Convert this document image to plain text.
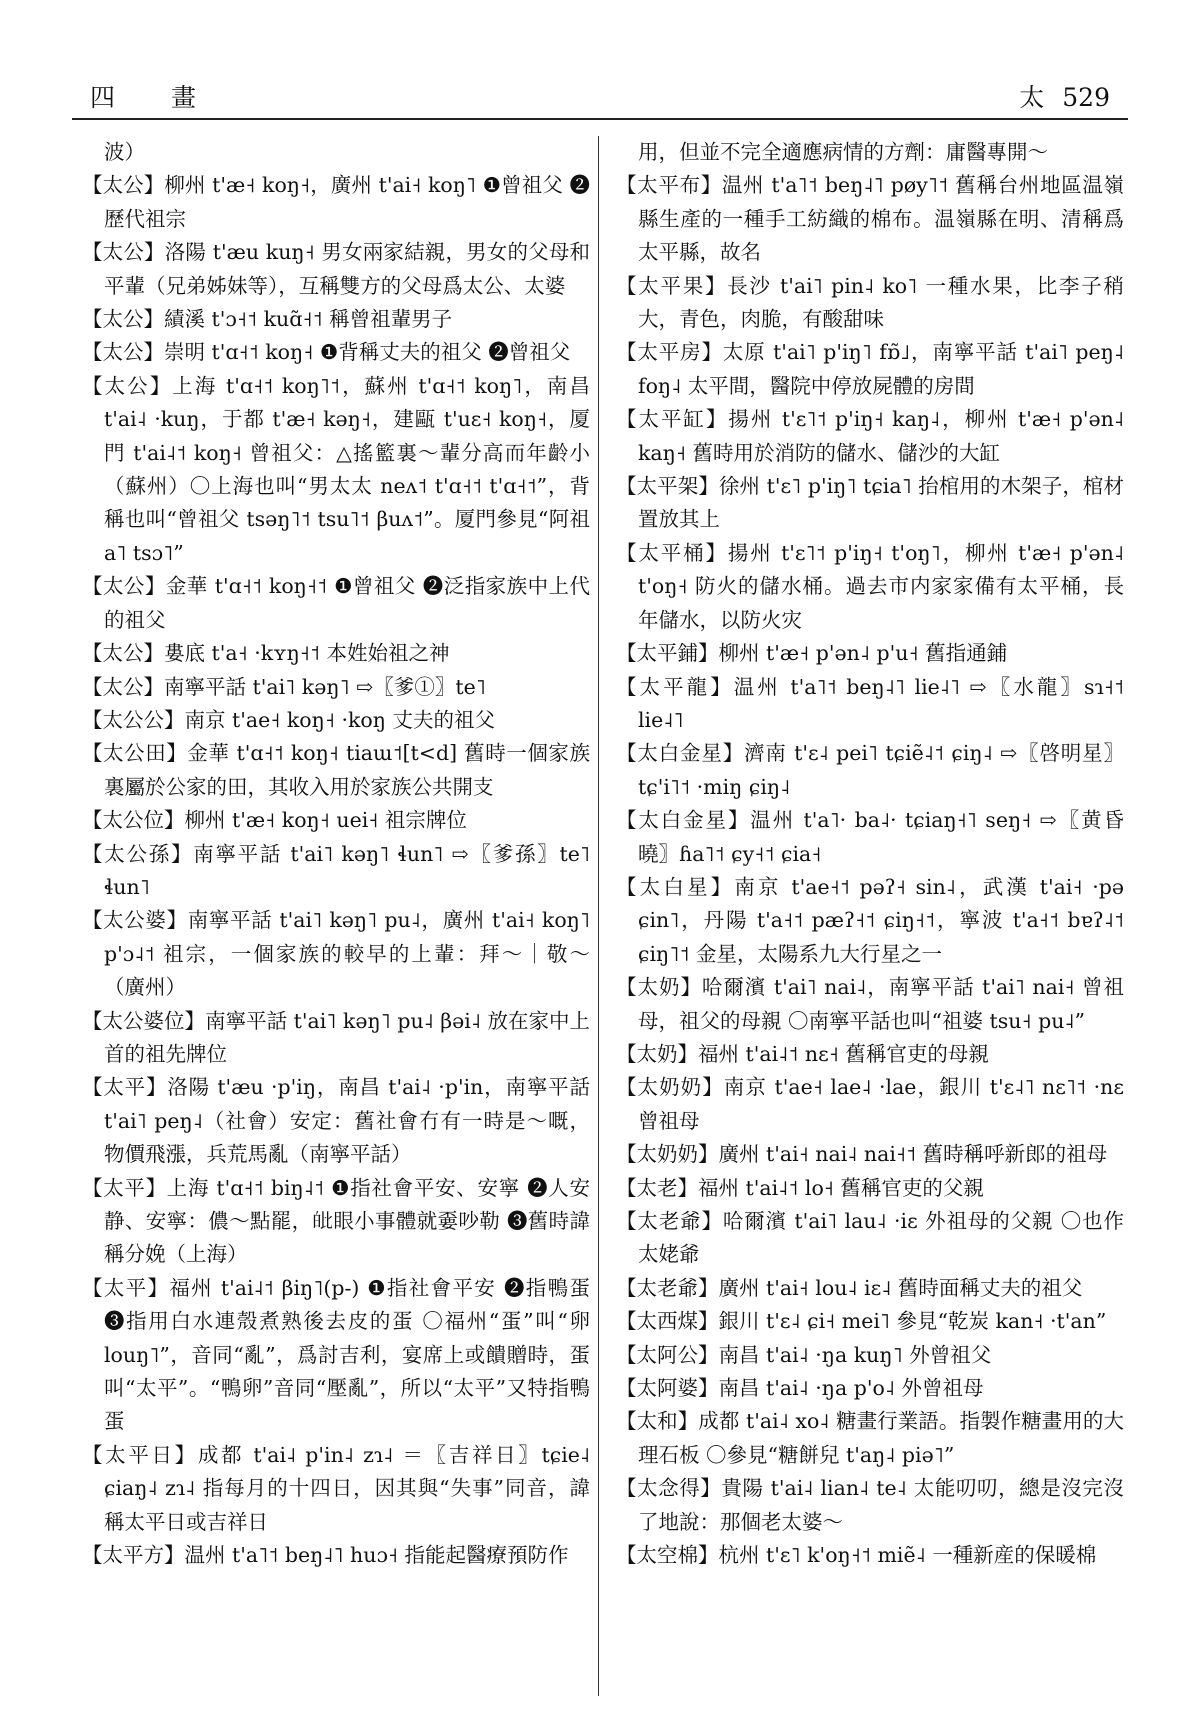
四 畫	太 529

波）

【太公】柳州 t'æ˧ koŋ˧，廣州 t'ai˧ koŋ˥ ❶曾祖父 ❷歷代祖宗

【太公】洛陽 t'æu kuŋ˧ 男女兩家結親，男女的父母和平輩（兄弟姊妹等），互稱雙方的父母爲太公、太婆

【太公】績溪 t'ɔ˧˦ kuɑ̃˧˦ 稱曾祖輩男子

【太公】崇明 t'ɑ˧˦ koŋ˧ ❶背稱丈夫的祖父 ❷曾祖父

【太公】上海 t'ɑ˧˦ koŋ˥˦，蘇州 t'ɑ˧˦ koŋ˥，南昌 t'ai˨ ·kuŋ，于都 t'æ˧ kəŋ˧，建甌 t'uɛ˧ koŋ˧，厦門 t'ai˨˦ koŋ˧ 曾祖父：△搖籃裏～輩分高而年齡小（蘇州）〇上海也叫“男太太 neʌ˦ t'ɑ˧˦ t'ɑ˧˦”，背稱也叫“曾祖父 tsəŋ˥˦ tsu˥˦ βuʌ˦”。厦門參見“阿祖 a˥ tsɔ˥”

【太公】金華 t'ɑ˧˦ koŋ˧˦ ❶曾祖父 ❷泛指家族中上代的祖父

【太公】婁底 t'a˧ ·kʏŋ˧˦ 本姓始祖之神

【太公】南寧平話 t'ai˥ kəŋ˥ ⇨〖爹①〗te˥

【太公公】南京 t'ae˧ koŋ˧ ·koŋ 丈夫的祖父

【太公田】金華 t'ɑ˧˦ koŋ˧ tiaɯ˦[t<d] 舊時一個家族裏屬於公家的田，其收入用於家族公共開支

【太公位】柳州 t'æ˧ koŋ˧ uei˧ 祖宗牌位

【太公孫】南寧平話 t'ai˥ kəŋ˥ ɬun˥ ⇨〖爹孫〗te˥ ɬun˥

【太公婆】南寧平話 t'ai˥ kəŋ˥ pu˨，廣州 t'ai˧ koŋ˥ p'ɔ˨˦ 祖宗，一個家族的較早的上輩：拜～｜敬～（廣州）

【太公婆位】南寧平話 t'ai˥ kəŋ˥ pu˨ βəi˨ 放在家中上首的祖先牌位

【太平】洛陽 t'æu ·p'iŋ，南昌 t'ai˨ ·p'in，南寧平話 t'ai˥ peŋ˨（社會）安定：舊社會冇有一時是～嘅，物價飛漲，兵荒馬亂（南寧平話）

【太平】上海 t'ɑ˧˦ biŋ˨˦ ❶指社會平安、安寧 ❷人安静、安寧：儂～點罷，𤽊眼小事體就嫑吵勒 ❸舊時諱稱分娩（上海）

【太平】福州 t'ai˨˦ βiŋ˥(p-) ❶指社會平安 ❷指鴨蛋 ❸指用白水連殼煮熟後去皮的蛋 〇福州“蛋”叫“卵 louŋ˥”，音同“亂”，爲討吉利，宴席上或饋贈時，蛋叫“太平”。“鴨卵”音同“壓亂”，所以“太平”又特指鴨蛋

【太平日】成都 t'ai˨ p'in˨ zɿ˨ ＝〖吉祥日〗tɕie˨ ɕiaŋ˨ zɿ˨ 指每月的十四日，因其與“失事”同音，諱稱太平日或吉祥日

【太平方】温州 t'a˥˦ beŋ˨˥ huɔ˧ 指能起醫療預防作

用，但並不完全適應病情的方劑：庸醫專開～

【太平布】温州 t'a˥˦ beŋ˨˥ pøy˥˦ 舊稱台州地區温嶺縣生產的一種手工紡織的棉布。温嶺縣在明、清稱爲太平縣，故名

【太平果】長沙 t'ai˥ pin˨ ko˥ 一種水果，比李子稍大，青色，肉脆，有酸甜味

【太平房】太原 t'ai˥ p'iŋ˥ fɒ̃˩，南寧平話 t'ai˥ peŋ˨ foŋ˨ 太平間，醫院中停放屍體的房間

【太平缸】揚州 t'ɛ˥˦ p'iŋ˧ kaŋ˨，柳州 t'æ˧ p'ən˨ kaŋ˧ 舊時用於消防的儲水、儲沙的大缸

【太平架】徐州 t'ɛ˥ p'iŋ˥ tɕia˥ 抬棺用的木架子，棺材置放其上

【太平桶】揚州 t'ɛ˥˦ p'iŋ˧ t'oŋ˥，柳州 t'æ˧ p'ən˨ t'oŋ˧ 防火的儲水桶。過去市内家家備有太平桶，長年儲水，以防火灾

【太平鋪】柳州 t'æ˧ p'ən˨ p'u˧ 舊指通鋪

【太平龍】温州 t'a˥˦ beŋ˨˥ lie˨˥ ⇨〖水龍〗sɿ˧˦ lie˨˥

【太白金星】濟南 t'ɛ˨ pei˥ tɕiẽ˨˦ ɕiŋ˨ ⇨〖啓明星〗tɕ'i˥˦ ·miŋ ɕiŋ˨

【太白金星】温州 t'a˥· ba˨· tɕiaŋ˧˥ seŋ˧ ⇨〖黄昏曉〗ɦa˥˦ ɕy˧˦ ɕia˧

【太白星】南京 t'ae˧˦ pəʔ˧ sin˨，武漢 t'ai˧ ·pə ɕin˥，丹陽 t'a˧˦ pæʔ˧˦ ɕiŋ˧˦，寧波 t'a˧˦ bɐʔ˨˦ ɕiŋ˥˦ 金星，太陽系九大行星之一

【太奶】哈爾濱 t'ai˥ nai˨，南寧平話 t'ai˥ nai˧ 曾祖母，祖父的母親 〇南寧平話也叫“祖婆 tsu˧ pu˨”

【太奶】福州 t'ai˨˦ nɛ˧ 舊稱官吏的母親

【太奶奶】南京 t'ae˧ lae˨ ·lae，銀川 t'ɛ˨˥ nɛ˥˦ ·nɛ 曾祖母

【太奶奶】廣州 t'ai˧ nai˨ nai˧˦ 舊時稱呼新郎的祖母

【太老】福州 t'ai˨˦ lo˧ 舊稱官吏的父親

【太老爺】哈爾濱 t'ai˥ lau˨ ·iɛ 外祖母的父親 〇也作太姥爺

【太老爺】廣州 t'ai˧ lou˨ iɛ˨ 舊時面稱丈夫的祖父

【太西煤】銀川 t'ɛ˨ ɕi˧ mei˥ 參見“乾炭 kan˧ ·t'an”

【太阿公】南昌 t'ai˨ ·ŋa kuŋ˥ 外曾祖父

【太阿婆】南昌 t'ai˨ ·ŋa p'o˨ 外曾祖母

【太和】成都 t'ai˨ xo˨ 糖畫行業語。指製作糖畫用的大理石板 〇參見“糖餅兒 t'aŋ˨ piə˥”

【太念得】貴陽 t'ai˨ lian˨ te˨ 太能叨叨，總是沒完沒了地說：那個老太婆～

【太空棉】杭州 t'ɛ˥ k'oŋ˧˦ miẽ˨ 一種新産的保暖棉
